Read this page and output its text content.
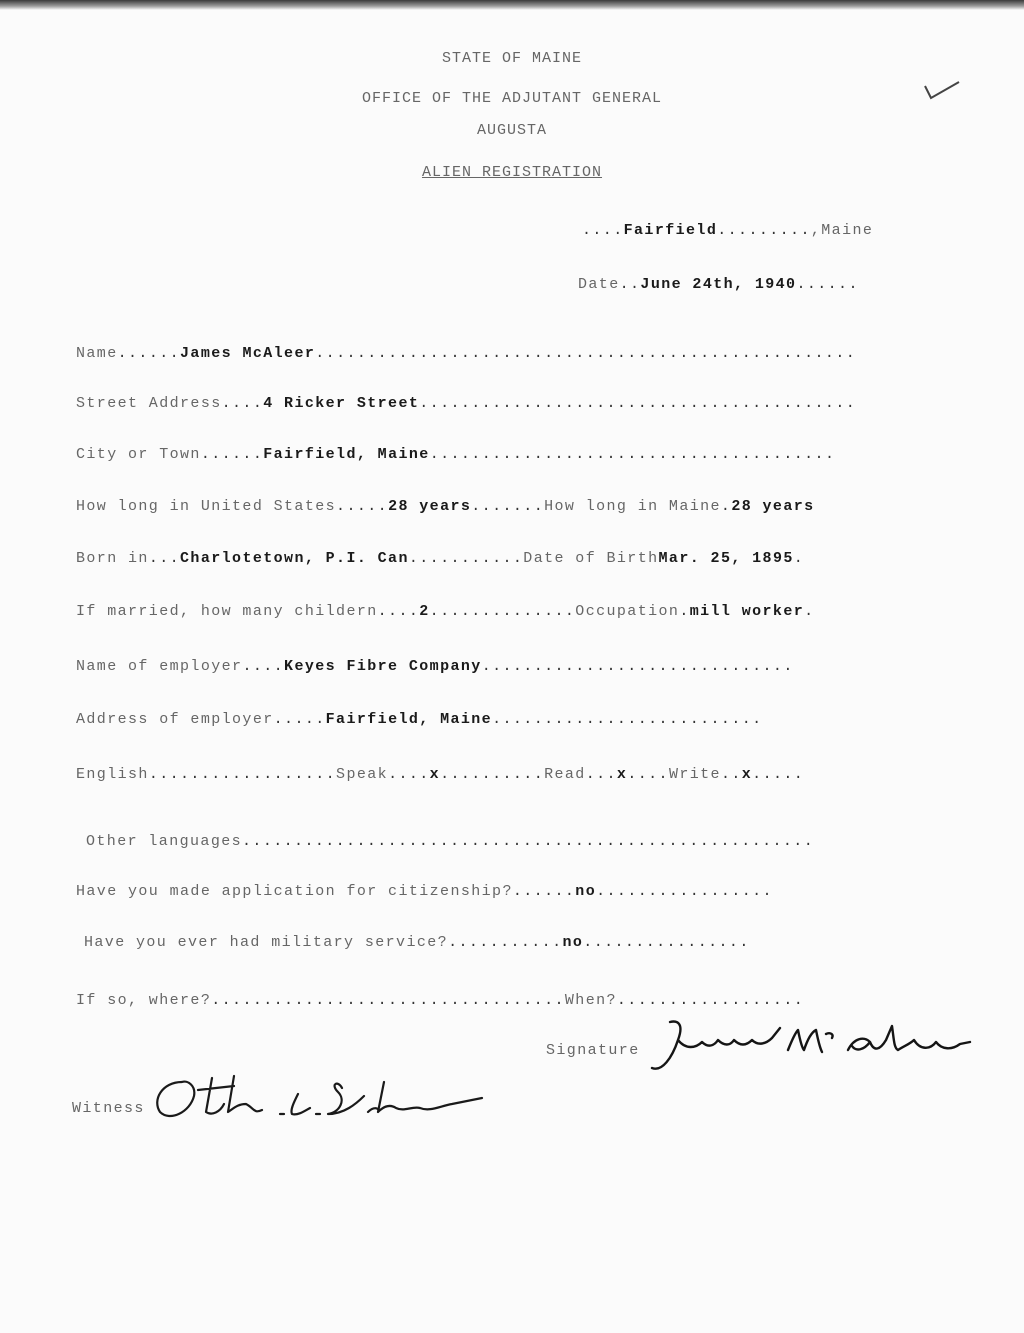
STATE OF MAINE
OFFICE OF THE ADJUTANT GENERAL
AUGUSTA
ALIEN REGISTRATION
....Fairfield.........,Maine
Date..June 24th, 1940......
Name......James McAleer....................................................
Street Address....4 Ricker Street..........................................
City or Town......Fairfield, Maine.......................................
How long in United States.....28 years.......How long in Maine.28 years
Born in...Charlotetown, P.I. Can...........Date of BirthMar. 25, 1895.
If married, how many childern....2..............Occupation.mill worker.
Name of employer....Keyes Fibre Company..............................
Address of employer.....Fairfield, Maine..........................
English..................Speak....x..........Read...x....Write..x.....
Other languages.......................................................
Have you made application for citizenship?......no.................
Have you ever had military service?...........no................
If so, where?..................................When?..................
Signature
Witness
